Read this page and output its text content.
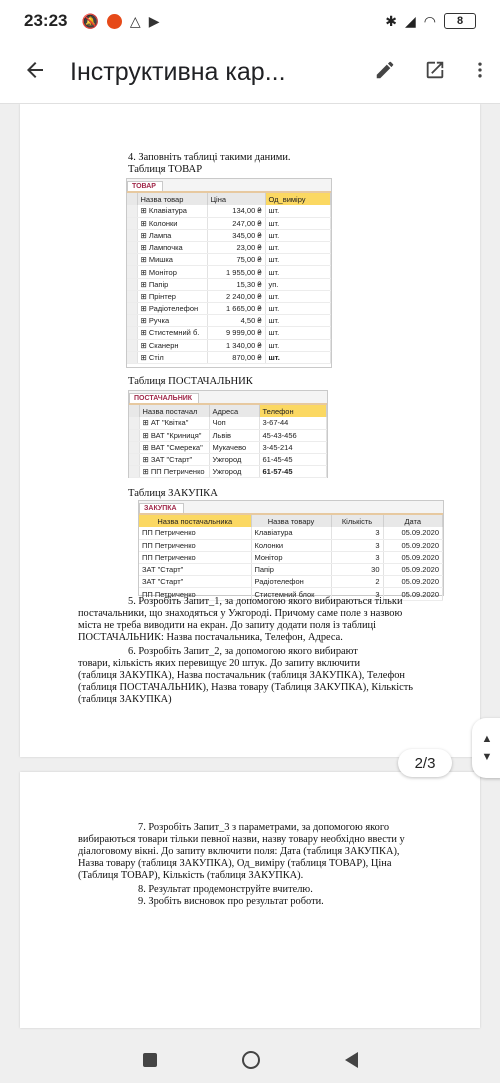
23:23 🔕 △ ▶	✱ ◢ ◠ 8
Інструктивна кар...
4. Заповніть таблиці такими даними.
Таблиця ТОВАР
ТОВАР
	Назва товар	Ціна	Од_виміру
	⊞ Клавіатура	134,00 ₴	шт.
	⊞ Колонки	247,00 ₴	шт.
	⊞ Лампа	345,00 ₴	шт.
	⊞ Лампочка	23,00 ₴	шт.
	⊞ Мишка	75,00 ₴	шт.
	⊞ Монітор	1 955,00 ₴	шт.
	⊞ Папір	15,30 ₴	уп.
	⊞ Прінтер	2 240,00 ₴	шт.
	⊞ Радіотелефон	1 665,00 ₴	шт.
	⊞ Ручка	4,50 ₴	шт.
	⊞ Стистемний б.	9 999,00 ₴	шт.
	⊞ Сканерн	1 340,00 ₴	шт.
	⊞ Стіл	870,00 ₴	шт.
Таблиця ПОСТАЧАЛЬНИК
ПОСТАЧАЛЬНИК
	Назва постачал	Адреса	Телефон
	⊞ АТ "Квітка"	Чоп	3-67-44
	⊞ ВАТ "Криниця"	Львів	45-43-456
	⊞ ВАТ "Смерека"	Мукачево	3-45-214
	⊞ ЗАТ "Старт"	Ужгород	61-45-45
	⊞ ПП Петриченко	Ужгород	61-57-45
Таблиця ЗАКУПКА
ЗАКУПКА
Назва постачальника	Назва товару	Кількість	Дата
ПП Петриченко	Клавіатура	3	05.09.2020
ПП Петриченко	Колонки	3	05.09.2020
ПП Петриченко	Монітор	3	05.09.2020
ЗАТ "Старт"	Папір	30	05.09.2020
ЗАТ "Старт"	Радіотелефон	2	05.09.2020
ПП Петриченко	Стистемний блок	3	05.09.2020
5. Розробіть Запит_1, за допомогою якого вибираються тільки
постачальники, що знаходяться у Ужгороді. Причому саме поле з назвою
міста не треба виводити на екран. До запиту додати поля із таблиці
ПОСТАЧАЛЬНИК: Назва постачальника, Телефон, Адреса.
6. Розробіть Запит_2, за допомогою якого вибирают
товари, кількість яких перевищує 20 штук. До запиту включити
(таблиця ЗАКУПКА), Назва постачальник (таблиця ЗАКУПКА), Телефон
(таблиця ПОСТАЧАЛЬНИК), Назва товару (Таблиця ЗАКУПКА), Кількість
(таблиця ЗАКУПКА)
7. Розробіть Запит_3 з параметрами, за допомогою якого
вибираються товари тільки певної назви, назву товару необхідно ввести у
діалоговому вікні. До запиту включити поля: Дата (таблиця ЗАКУПКА),
Назва товару (таблиця ЗАКУПКА), Од_виміру (таблиця ТОВАР), Ціна
(Таблиця ТОВАР), Кількість (таблиця ЗАКУПКА).
8. Результат продемонструйте вчителю.
9. Зробіть висновок про результат роботи.
2/3
▲
▼
